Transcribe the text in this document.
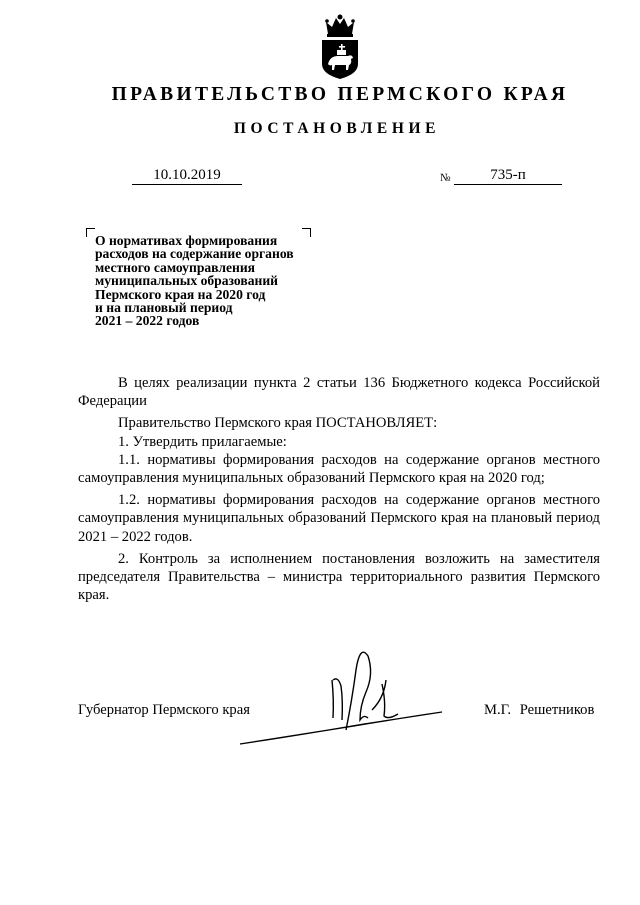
ПРАВИТЕЛЬСТВО ПЕРМСКОГО КРАЯ
ПОСТАНОВЛЕНИЕ
10.10.2019	№	735-п
О нормативах формирования
расходов на содержание органов
местного самоуправления
муниципальных образований
Пермского края на 2020 год
и на плановый период
2021 – 2022 годов

В целях реализации пункта 2 статьи 136 Бюджетного кодекса Российской Федерации

Правительство Пермского края ПОСТАНОВЛЯЕТ:

1. Утвердить прилагаемые:

1.1. нормативы формирования расходов на содержание органов местного самоуправления муниципальных образований Пермского края на 2020 год;

1.2. нормативы формирования расходов на содержание органов местного самоуправления муниципальных образований Пермского края на плановый период 2021 – 2022 годов.

2. Контроль за исполнением постановления возложить на заместителя председателя Правительства – министра территориального развития Пермского края.

Губернатор Пермского края	М.Г. Решетников
